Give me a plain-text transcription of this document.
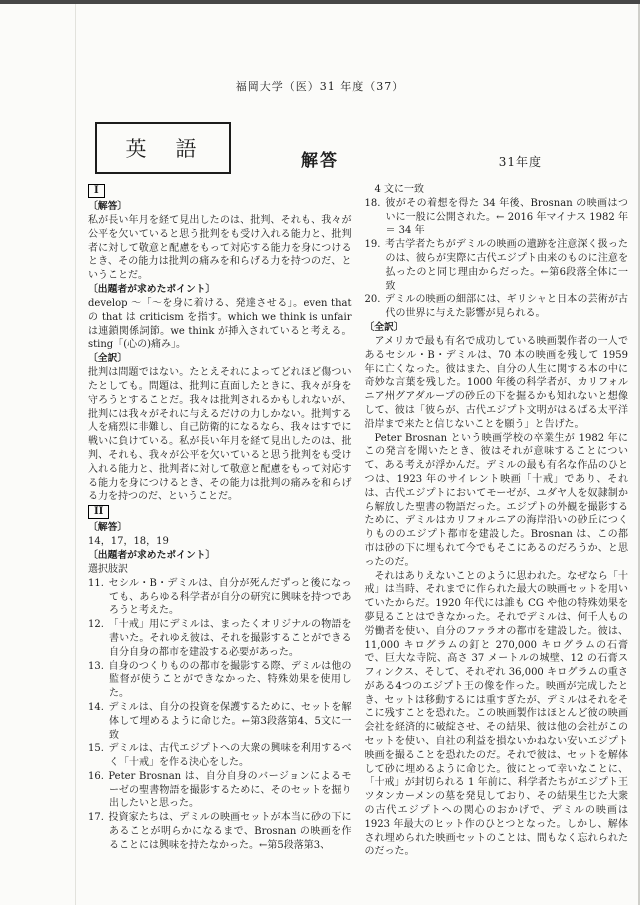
福岡大学（医）31 年度（37）
英　語	解答	31年度
I
〔解答〕

私が長い年月を経て見出したのは、批判、それも、我々が公平を欠いていると思う批判をも受け入れる能力と、批判者に対して敬意と配慮をもって対応する能力を身につけるとき、その能力は批判の痛みを和らげる力を持つのだ、ということだ。

〔出題者が求めたポイント〕

develop ～「～を身に着ける、発達させる」。even that の that は criticism を指す。which we think is unfair は連鎖関係詞節。we think が挿入されていると考える。sting「(心の)痛み」。

〔全訳〕

批判は問題ではない。たとえそれによってどれほど傷ついたとしても。問題は、批判に直面したときに、我々が身を守ろうとすることだ。我々は批判されるかもしれないが、批判には我々がそれに与えるだけの力しかない。批判する人を痛烈に非難し、自己防衛的になるなら、我々はすでに戦いに負けている。私が長い年月を経て見出したのは、批判、それも、我々が公平を欠いていると思う批判をも受け入れる能力と、批判者に対して敬意と配慮をもって対応する能力を身につけるとき、その能力は批判の痛みを和らげる力を持つのだ、ということだ。

II
〔解答〕

14，17，18，19

〔出題者が求めたポイント〕

選択肢訳

11. セシル・B・デミルは、自分が死んだずっと後になっても、あらゆる科学者が自分の研究に興味を持つであろうと考えた。
12. 「十戒」用にデミルは、まったくオリジナルの物語を書いた。それゆえ彼は、それを撮影することができる自分自身の都市を建設する必要があった。
13. 自身のつくりものの都市を撮影する際、デミルは他の監督が使うことができなかった、特殊効果を使用した。
14. デミルは、自分の投資を保護するために、セットを解体して埋めるように命じた。←第3段落第4、5文に一致
15. デミルは、古代エジプトへの大衆の興味を利用するべく「十戒」を作る決心をした。
16. Peter Brosnan は、自分自身のバージョンによるモーゼの聖書物語を撮影するために、そのセットを掘り出したいと思った。
17. 投資家たちは、デミルの映画セットが本当に砂の下にあることが明らかになるまで、Brosnan の映画を作ることには興味を持たなかった。←第5段落第3、
4 文に一致
18. 彼がその着想を得た 34 年後、Brosnan の映画はついに一般に公開された。← 2016 年マイナス 1982 年＝ 34 年
19. 考古学者たちがデミルの映画の遺跡を注意深く扱ったのは、彼らが実際に古代エジプト由来のものに注意を払ったのと同じ理由からだった。←第6段落全体に一致
20. デミルの映画の細部には、ギリシャと日本の芸術が古代の世界に与えた影響が見られる。
〔全訳〕

アメリカで最も有名で成功している映画製作者の一人であるセシル・B・デミルは、70 本の映画を残して 1959 年に亡くなった。彼はまた、自分の人生に関する本の中に奇妙な言葉を残した。1000 年後の科学者が、カリフォルニア州グアダループの砂丘の下を掘るかも知れないと想像して、彼は「彼らが、古代エジプト文明がはるばる太平洋沿岸まで来たと信じないことを願う」と告げた。

Peter Brosnan という映画学校の卒業生が 1982 年にこの発言を聞いたとき、彼はそれが意味することについて、ある考えが浮かんだ。デミルの最も有名な作品のひとつは、1923 年のサイレント映画「十戒」であり、それは、古代エジプトにおいてモーゼが、ユダヤ人を奴隷制から解放した聖書の物語だった。エジプトの外観を撮影するために、デミルはカリフォルニアの海岸沿いの砂丘につくりもののエジプト都市を建設した。Brosnan は、この都市は砂の下に埋もれて今でもそこにあるのだろうか、と思ったのだ。

それはありえないことのように思われた。なぜなら「十戒」は当時、それまでに作られた最大の映画セットを用いていたからだ。1920 年代には誰も CG や他の特殊効果を夢見ることはできなかった。それでデミルは、何千人もの労働者を使い、自分のファラオの都市を建設した。彼は、11,000 キログラムの釘と 270,000 キログラムの石膏で、巨大な寺院、高さ 37 メートルの城壁、12 の石膏スフィンクス、そして、それぞれ 36,000 キログラムの重さがある4つのエジプト王の像を作った。映画が完成したとき、セットは移動するには重すぎたが、デミルはそれをそこに残すことを恐れた。この映画製作はほとんど彼の映画会社を経済的に破綻させ、その結果、彼は他の会社がこのセットを使い、自社の利益を損ないかねない安いエジプト映画を撮ることを恐れたのだ。それで彼は、セットを解体して砂に埋めるように命じた。彼にとって幸いなことに、「十戒」が封切られる 1 年前に、科学者たちがエジプト王ツタンカーメンの墓を発見しており、その結果生じた大衆の古代エジプトへの関心のおかげで、デミルの映画は 1923 年最大のヒット作のひとつとなった。しかし、解体され埋められた映画セットのことは、間もなく忘れられたのだった。
